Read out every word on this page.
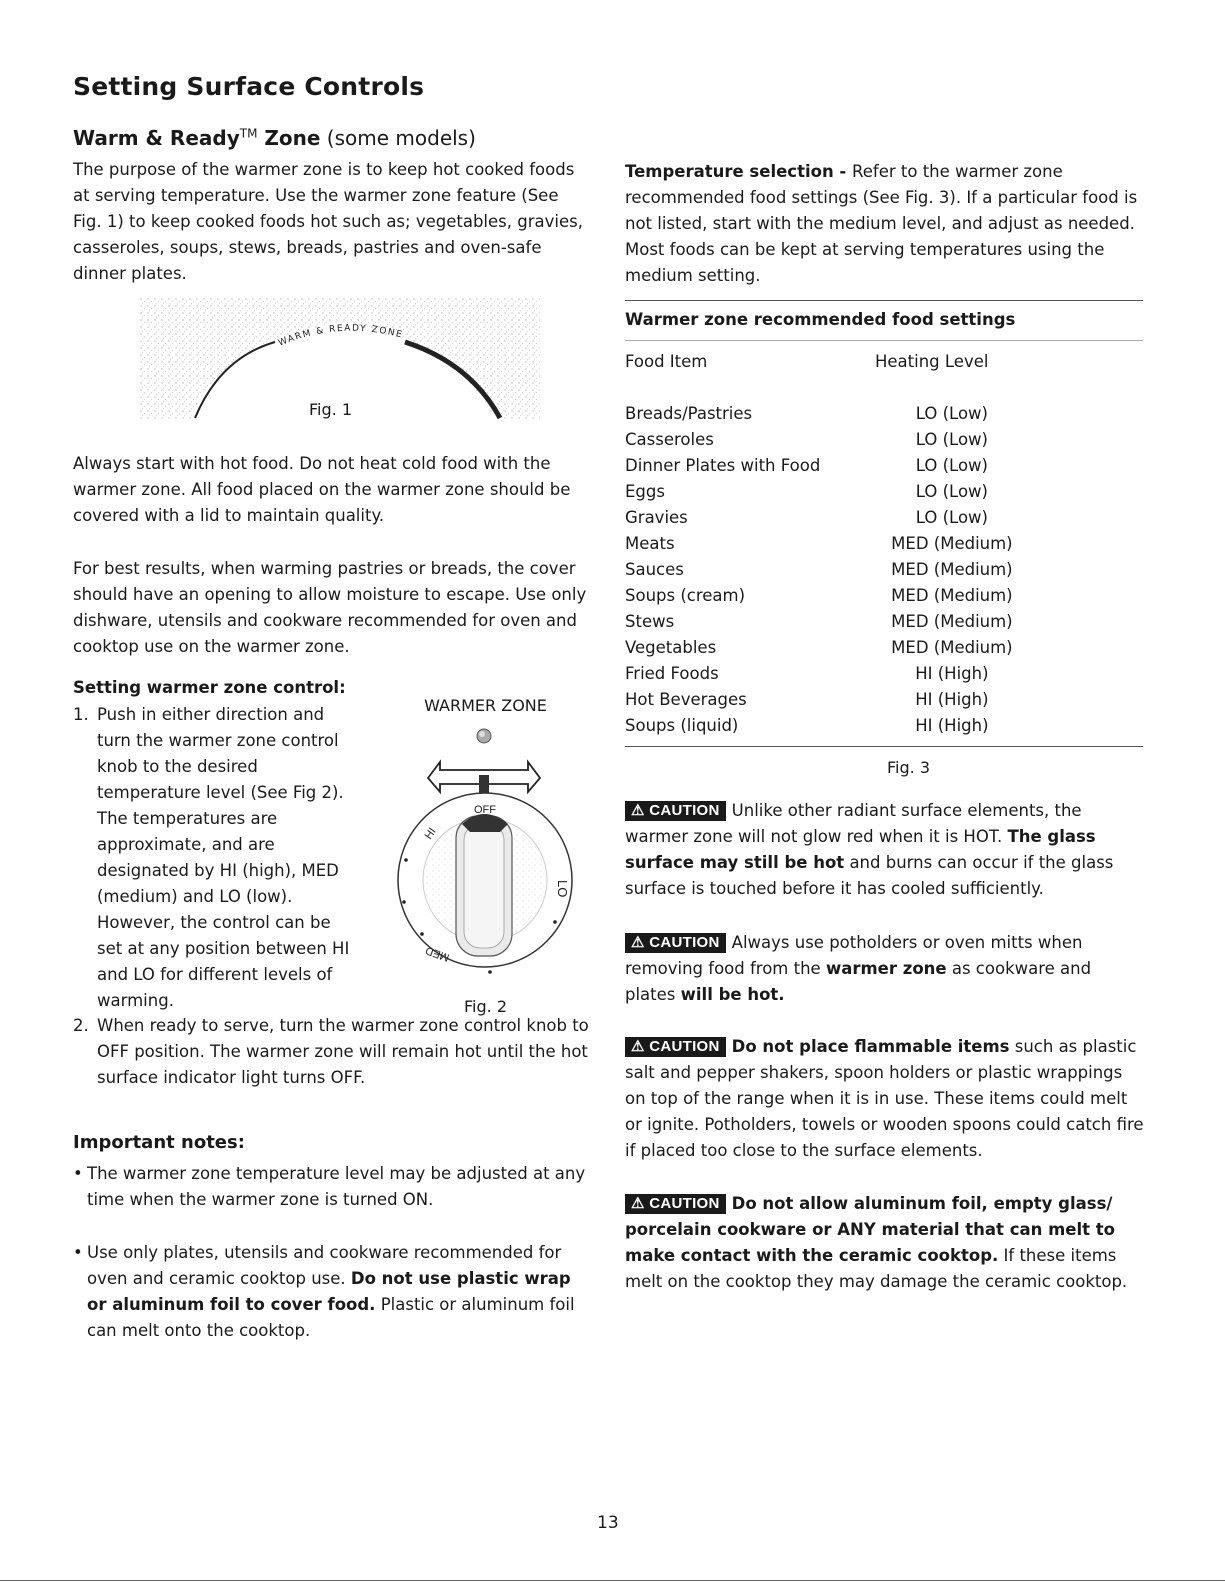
Setting Surface Controls
Warm & Ready™ Zone (some models)

The purpose of the warmer zone is to keep hot cooked foods at serving temperature. Use the warmer zone feature (See Fig. 1) to keep cooked foods hot such as; vegetables, gravies, casseroles, soups, stews, breads, pastries and oven-safe dinner plates.

WARM & READY ZONE
Fig. 1

Always start with hot food. Do not heat cold food with the warmer zone. All food placed on the warmer zone should be covered with a lid to maintain quality.

For best results, when warming pastries or breads, the cover should have an opening to allow moisture to escape. Use only dishware, utensils and cookware recommended for oven and cooktop use on the warmer zone.

Setting warmer zone control:

1. Push in either direction and turn the warmer zone control knob to the desired temperature level (See Fig 2). The temperatures are approximate, and are designated by HI (high), MED (medium) and LO (low). However, the control can be set at any position between HI and LO for different levels of warming.

WARMER ZONE
OFF
HI
LO
MED
Fig. 2
2. When ready to serve, turn the warmer zone control knob to OFF position. The warmer zone will remain hot until the hot surface indicator light turns OFF.

Important notes:

• The warmer zone temperature level may be adjusted at any time when the warmer zone is turned ON.

• Use only plates, utensils and cookware recommended for oven and ceramic cooktop use. Do not use plastic wrap or aluminum foil to cover food. Plastic or aluminum foil can melt onto the cooktop.

Temperature selection - Refer to the warmer zone recommended food settings (See Fig. 3). If a particular food is not listed, start with the medium level, and adjust as needed. Most foods can be kept at serving temperatures using the medium setting.

Warmer zone recommended food settings

Food Item	Heating Level
Breads/Pastries	LO (Low)
Casseroles	LO (Low)
Dinner Plates with Food	LO (Low)
Eggs	LO (Low)
Gravies	LO (Low)
Meats	MED (Medium)
Sauces	MED (Medium)
Soups (cream)	MED (Medium)
Stews	MED (Medium)
Vegetables	MED (Medium)
Fried Foods	HI (High)
Hot Beverages	HI (High)
Soups (liquid)	HI (High)
Fig. 3

⚠ CAUTION Unlike other radiant surface elements, the warmer zone will not glow red when it is HOT. The glass surface may still be hot and burns can occur if the glass surface is touched before it has cooled sufficiently.

⚠ CAUTION Always use potholders or oven mitts when removing food from the warmer zone as cookware and plates will be hot.

⚠ CAUTION Do not place flammable items such as plastic salt and pepper shakers, spoon holders or plastic wrappings on top of the range when it is in use. These items could melt or ignite. Potholders, towels or wooden spoons could catch fire if placed too close to the surface elements.

⚠ CAUTION Do not allow aluminum foil, empty glass/ porcelain cookware or ANY material that can melt to make contact with the ceramic cooktop. If these items melt on the cooktop they may damage the ceramic cooktop.

13
